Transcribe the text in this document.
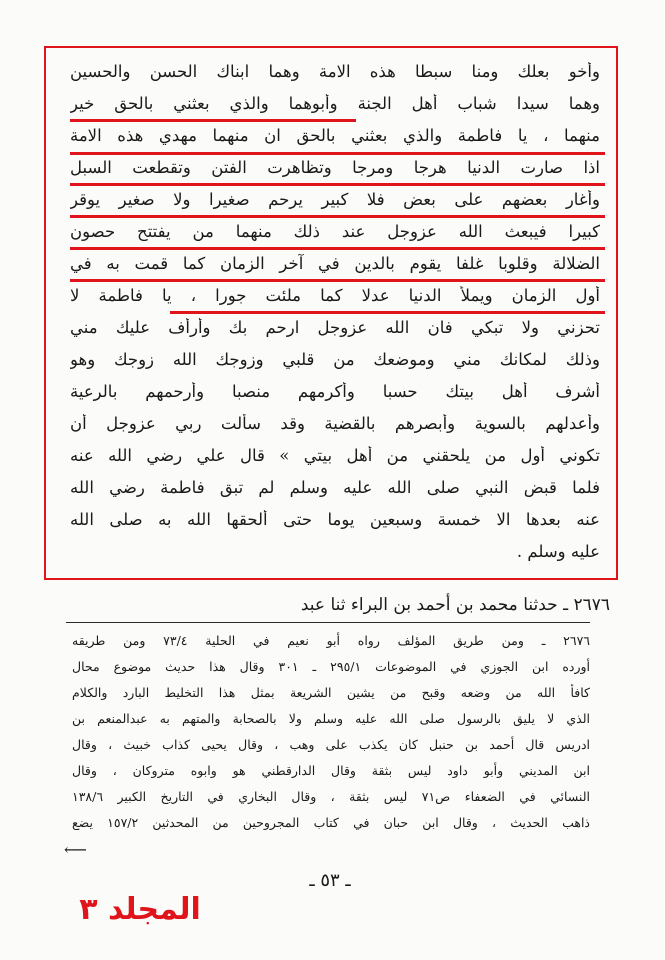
وأخو بعلك ومنا سبطا هذه الامة وهما ابناك الحسن والحسين
وهما سيدا شباب أهل الجنة وأبوهما والذي بعثني بالحق خير
منهما ، يا فاطمة والذي بعثني بالحق ان منهما مهدي هذه الامة
اذا صارت الدنيا هرجا ومرجا وتظاهرت الفتن وتقطعت السبل
وأغار بعضهم على بعض فلا كبير يرحم صغيرا ولا صغير يوقر
كبيرا فيبعث الله عزوجل عند ذلك منهما من يفتتح حصون
الضلالة وقلوبا غلفا يقوم بالدين في آخر الزمان كما قمت به في
أول الزمان ويملأ الدنيا عدلا كما ملئت جورا ، يا فاطمة لا
تحزني ولا تبكي فان الله عزوجل ارحم بك وأرأف عليك مني
وذلك لمكانك مني وموضعك من قلبي وزوجك الله زوجك وهو
أشرف أهل بيتك حسبا وأكرمهم منصبا وأرحمهم بالرعية
وأعدلهم بالسوية وأبصرهم بالقضية وقد سألت ربي عزوجل أن
تكوني أول من يلحقني من أهل بيتي » قال علي رضي الله عنه
فلما قبض النبي صلى الله عليه وسلم لم تبق فاطمة رضي الله
عنه بعدها الا خمسة وسبعين يوما حتى ألحقها الله به صلى الله
عليه وسلم .
٢٦٧٦ ـ حدثنا محمد بن أحمد بن البراء ثنا عبد
٢٦٧٦ ـ ومن طريق المؤلف رواه أبو نعيم في الحلية ٧٣/٤ ومن طريقه
أورده ابن الجوزي في الموضوعات ٢٩٥/١ ـ ٣٠١ وقال هذا حديث موضوع محال
كافأ الله من وضعه وقبح من يشين الشريعة بمثل هذا التخليط البارد والكلام
الذي لا يليق بالرسول صلى الله عليه وسلم ولا بالصحابة والمتهم به عبدالمنعم بن
ادريس قال أحمد بن حنبل كان يكذب على وهب ، وقال يحيى كذاب خبيث ، وقال
ابن المديني وأبو داود ليس بثقة وقال الدارقطني هو وابوه متروكان ، وقال
النسائي في الضعفاء ص٧١ ليس بثقة ، وقال البخاري في التاريخ الكبير ١٣٨/٦
ذاهب الحديث ، وقال ابن حبان في كتاب المجروحين من المحدثين ١٥٧/٢ يضع
⟵
ـ ٥٣ ـ
المجلد ٣
